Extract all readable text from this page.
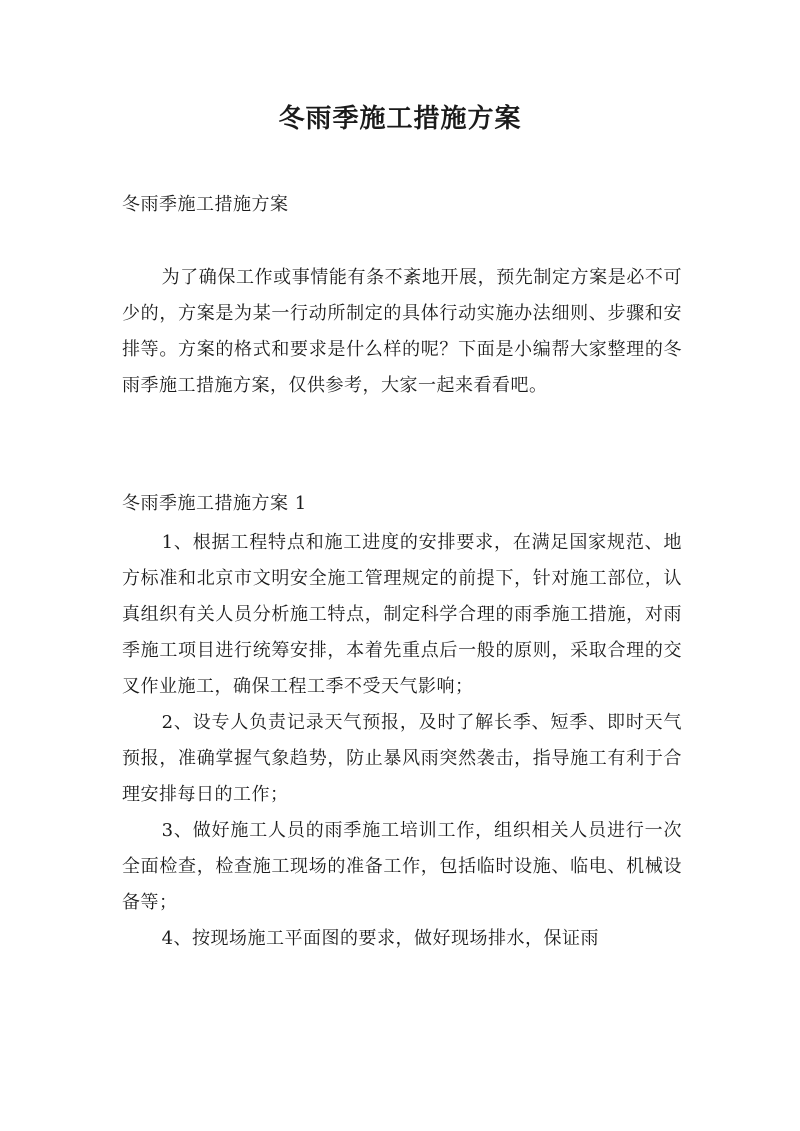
冬雨季施工措施方案

冬雨季施工措施方案

为了确保工作或事情能有条不紊地开展，预先制定方案是必不可少的，方案是为某一行动所制定的具体行动实施办法细则、步骤和安排等。方案的格式和要求是什么样的呢？下面是小编帮大家整理的冬雨季施工措施方案，仅供参考，大家一起来看看吧。

冬雨季施工措施方案 1

1、根据工程特点和施工进度的安排要求，在满足国家规范、地方标准和北京市文明安全施工管理规定的前提下，针对施工部位，认真组织有关人员分析施工特点，制定科学合理的雨季施工措施，对雨季施工项目进行统筹安排，本着先重点后一般的原则，采取合理的交叉作业施工，确保工程工季不受天气影响；

2、设专人负责记录天气预报，及时了解长季、短季、即时天气预报，准确掌握气象趋势，防止暴风雨突然袭击，指导施工有利于合理安排每日的工作；

3、做好施工人员的雨季施工培训工作，组织相关人员进行一次全面检查，检查施工现场的准备工作，包括临时设施、临电、机械设备等；

4、按现场施工平面图的要求，做好现场排水，保证雨
